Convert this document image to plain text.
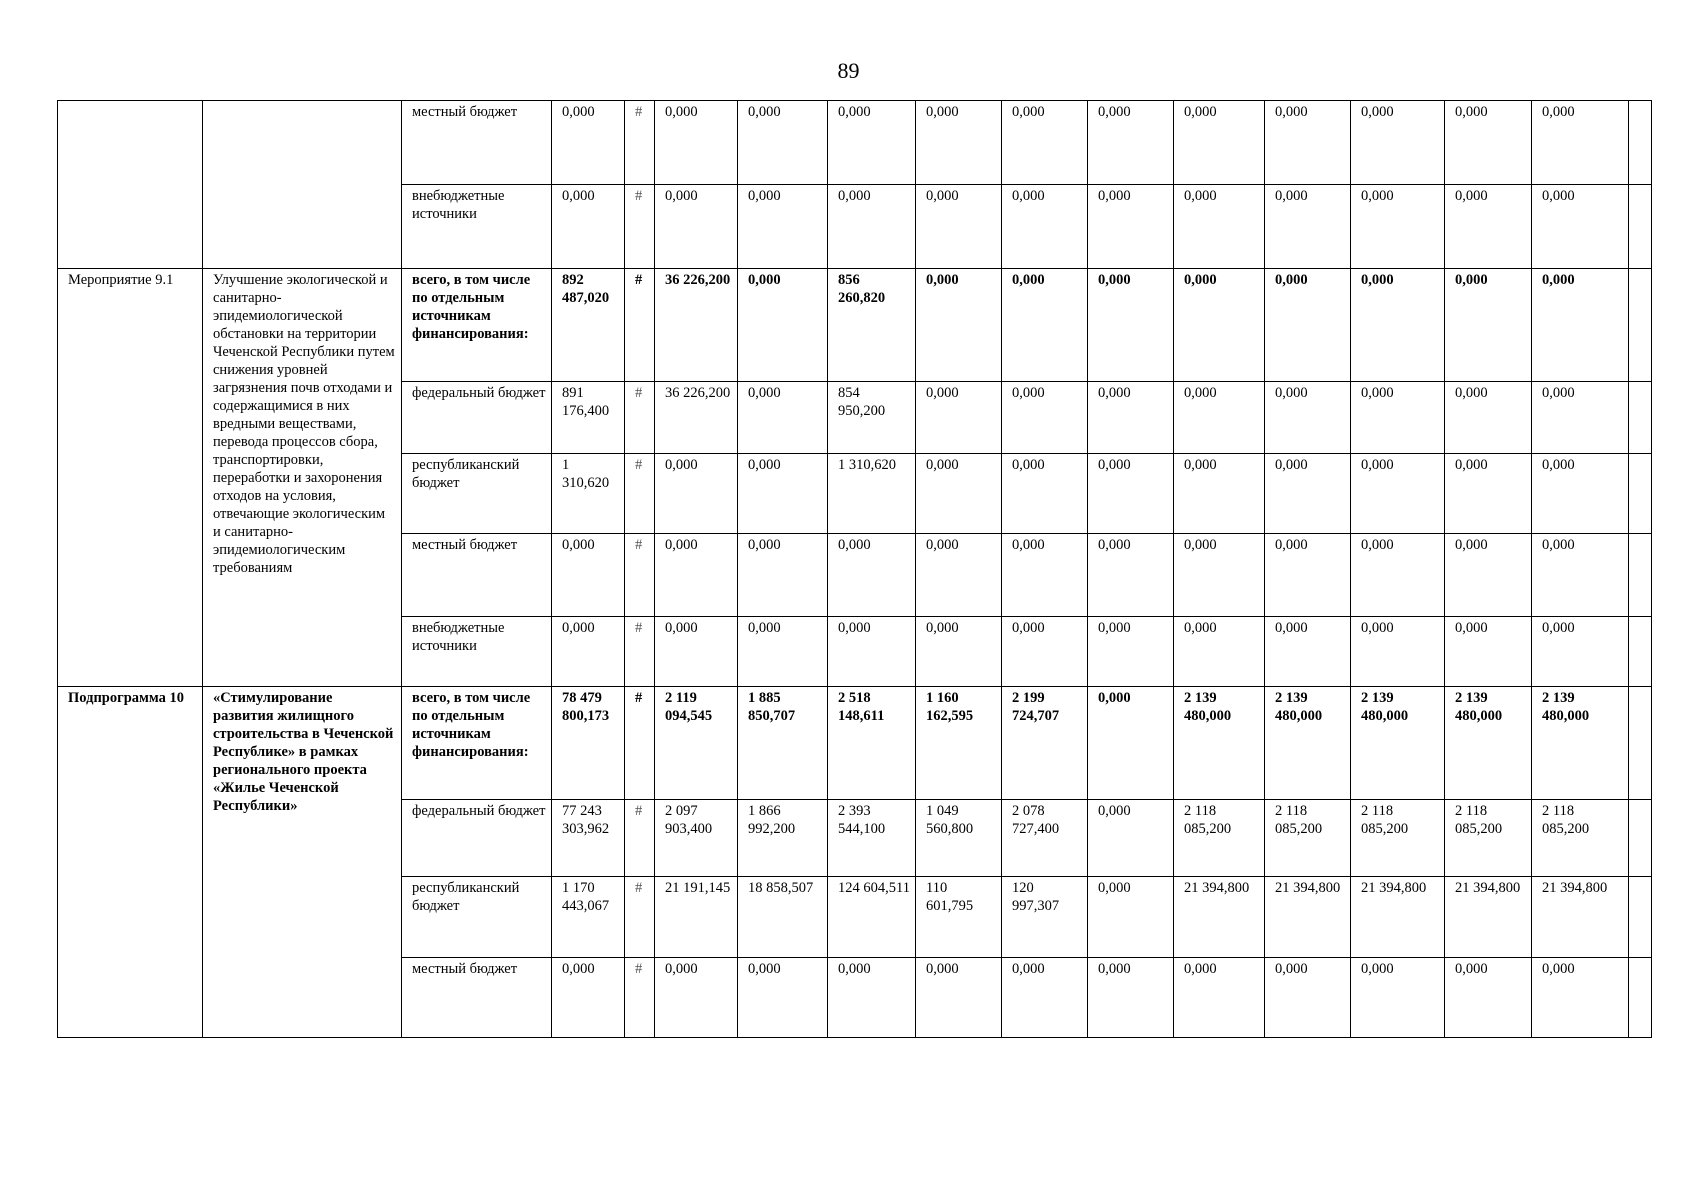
89
		местный бюджет	0,000	#	0,000	0,000	0,000	0,000	0,000	0,000	0,000	0,000	0,000	0,000	0,000	
		внебюджетные источники	0,000	#	0,000	0,000	0,000	0,000	0,000	0,000	0,000	0,000	0,000	0,000	0,000	
Мероприятие 9.1	Улучшение экологической и санитарно-эпидемиологической обстановки на территории Чеченской Республики путем снижения уровней загрязнения почв отходами и содержащимися в них вредными веществами, перевода процессов сбора, транспортировки, переработки и захоронения отходов на условия, отвечающие экологическим и санитарно-эпидемиологическим требованиям	всего, в том числе по отдельным источникам финансирования:	892 487,020	#	36 226,200	0,000	856 260,820	0,000	0,000	0,000	0,000	0,000	0,000	0,000	0,000	
		федеральный бюджет	891 176,400	#	36 226,200	0,000	854 950,200	0,000	0,000	0,000	0,000	0,000	0,000	0,000	0,000	
		республиканский бюджет	1 310,620	#	0,000	0,000	1 310,620	0,000	0,000	0,000	0,000	0,000	0,000	0,000	0,000	
		местный бюджет	0,000	#	0,000	0,000	0,000	0,000	0,000	0,000	0,000	0,000	0,000	0,000	0,000	
		внебюджетные источники	0,000	#	0,000	0,000	0,000	0,000	0,000	0,000	0,000	0,000	0,000	0,000	0,000	
Подпрограмма 10	«Стимулирование развития жилищного строительства в Чеченской Республике» в рамках регионального проекта «Жилье Чеченской Республики»	всего, в том числе по отдельным источникам финансирования:	78 479 800,173	#	2 119 094,545	1 885 850,707	2 518 148,611	1 160 162,595	2 199 724,707	0,000	2 139 480,000	2 139 480,000	2 139 480,000	2 139 480,000	2 139 480,000	
		федеральный бюджет	77 243 303,962	#	2 097 903,400	1 866 992,200	2 393 544,100	1 049 560,800	2 078 727,400	0,000	2 118 085,200	2 118 085,200	2 118 085,200	2 118 085,200	2 118 085,200	
		республиканский бюджет	1 170 443,067	#	21 191,145	18 858,507	124 604,511	110 601,795	120 997,307	0,000	21 394,800	21 394,800	21 394,800	21 394,800	21 394,800	
		местный бюджет	0,000	#	0,000	0,000	0,000	0,000	0,000	0,000	0,000	0,000	0,000	0,000	0,000	
